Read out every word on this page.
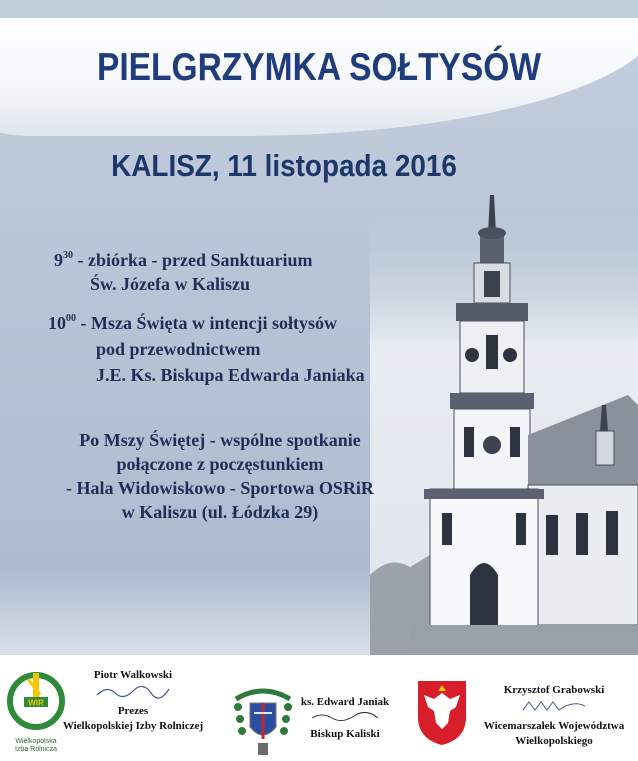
PIELGRZYMKA SOŁTYSÓW
KALISZ, 11 listopada 2016
$9^{30}$ - zbiórka - przed Sanktuarium
Św. Józefa w Kaliszu
$10^{00}$ - Msza Święta w intencji sołtysów
pod przewodnictwem
J.E. Ks. Biskupa Edwarda Janiaka
Po Mszy Świętej - wspólne spotkanie
połączone z poczęstunkiem
- Hala Widowiskowo - Sportowa OSRiR
w Kaliszu (ul. Łódzka 29)
WIR
Wielkopolska
Izba Rolnicza
Piotr Walkowski
Prezes
Wielkopolskiej Izby Rolniczej
ks. Edward Janiak
Biskup Kaliski
Krzysztof Grabowski
Wicemarszałek Województwa
Wielkopolskiego
